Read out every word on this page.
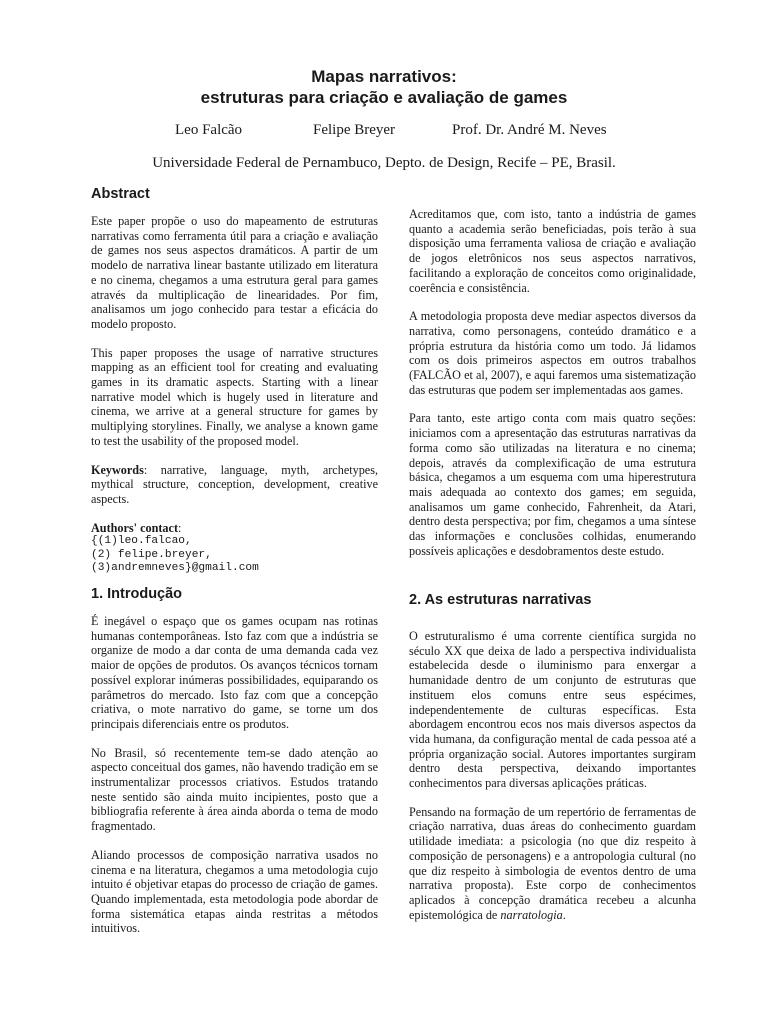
Mapas narrativos:
estruturas para criação e avaliação de games
Leo Falcão	Felipe Breyer	Prof. Dr. André M. Neves
Universidade Federal de Pernambuco, Depto. de Design, Recife – PE, Brasil.
Abstract

Este paper propõe o uso do mapeamento de estruturas narrativas como ferramenta útil para a criação e avaliação de games nos seus aspectos dramáticos. A partir de um modelo de narrativa linear bastante utilizado em literatura e no cinema, chegamos a uma estrutura geral para games através da multiplicação de linearidades. Por fim, analisamos um jogo conhecido para testar a eficácia do modelo proposto.

This paper proposes the usage of narrative structures mapping as an efficient tool for creating and evaluating games in its dramatic aspects. Starting with a linear narrative model which is hugely used in literature and cinema, we arrive at a general structure for games by multiplying storylines. Finally, we analyse a known game to test the usability of the proposed model.

Keywords: narrative, language, myth, archetypes, mythical structure, conception, development, creative aspects.

Authors' contact:

{(1)leo.falcao,
(2) felipe.breyer,
(3)andremneves}@gmail.com
1. Introdução

É inegável o espaço que os games ocupam nas rotinas humanas contemporâneas. Isto faz com que a indústria se organize de modo a dar conta de uma demanda cada vez maior de opções de produtos. Os avanços técnicos tornam possível explorar inúmeras possibilidades, equiparando os parâmetros do mercado. Isto faz com que a concepção criativa, o mote narrativo do game, se torne um dos principais diferenciais entre os produtos.

No Brasil, só recentemente tem-se dado atenção ao aspecto conceitual dos games, não havendo tradição em se instrumentalizar processos criativos. Estudos tratando neste sentido são ainda muito incipientes, posto que a bibliografia referente à área ainda aborda o tema de modo fragmentado.

Aliando processos de composição narrativa usados no cinema e na literatura, chegamos a uma metodologia cujo intuito é objetivar etapas do processo de criação de games. Quando implementada, esta metodologia pode abordar de forma sistemática etapas ainda restritas a métodos intuitivos.

Acreditamos que, com isto, tanto a indústria de games quanto a academia serão beneficiadas, pois terão à sua disposição uma ferramenta valiosa de criação e avaliação de jogos eletrônicos nos seus aspectos narrativos, facilitando a exploração de conceitos como originalidade, coerência e consistência.

A metodologia proposta deve mediar aspectos diversos da narrativa, como personagens, conteúdo dramático e a própria estrutura da história como um todo. Já lidamos com os dois primeiros aspectos em outros trabalhos (FALCÃO et al, 2007), e aqui faremos uma sistematização das estruturas que podem ser implementadas aos games.

Para tanto, este artigo conta com mais quatro seções: iniciamos com a apresentação das estruturas narrativas da forma como são utilizadas na literatura e no cinema; depois, através da complexificação de uma estrutura básica, chegamos a um esquema com uma hiperestrutura mais adequada ao contexto dos games; em seguida, analisamos um game conhecido, Fahrenheit, da Atari, dentro desta perspectiva; por fim, chegamos a uma síntese das informações e conclusões colhidas, enumerando possíveis aplicações e desdobramentos deste estudo.

2. As estruturas narrativas

O estruturalismo é uma corrente científica surgida no século XX que deixa de lado a perspectiva individualista estabelecida desde o iluminismo para enxergar a humanidade dentro de um conjunto de estruturas que instituem elos comuns entre seus espécimes, independentemente de culturas específicas. Esta abordagem encontrou ecos nos mais diversos aspectos da vida humana, da configuração mental de cada pessoa até a própria organização social. Autores importantes surgiram dentro desta perspectiva, deixando importantes conhecimentos para diversas aplicações práticas.

Pensando na formação de um repertório de ferramentas de criação narrativa, duas áreas do conhecimento guardam utilidade imediata: a psicologia (no que diz respeito à composição de personagens) e a antropologia cultural (no que diz respeito à simbologia de eventos dentro de uma narrativa proposta). Este corpo de conhecimentos aplicados à concepção dramática recebeu a alcunha epistemológica de narratologia.
